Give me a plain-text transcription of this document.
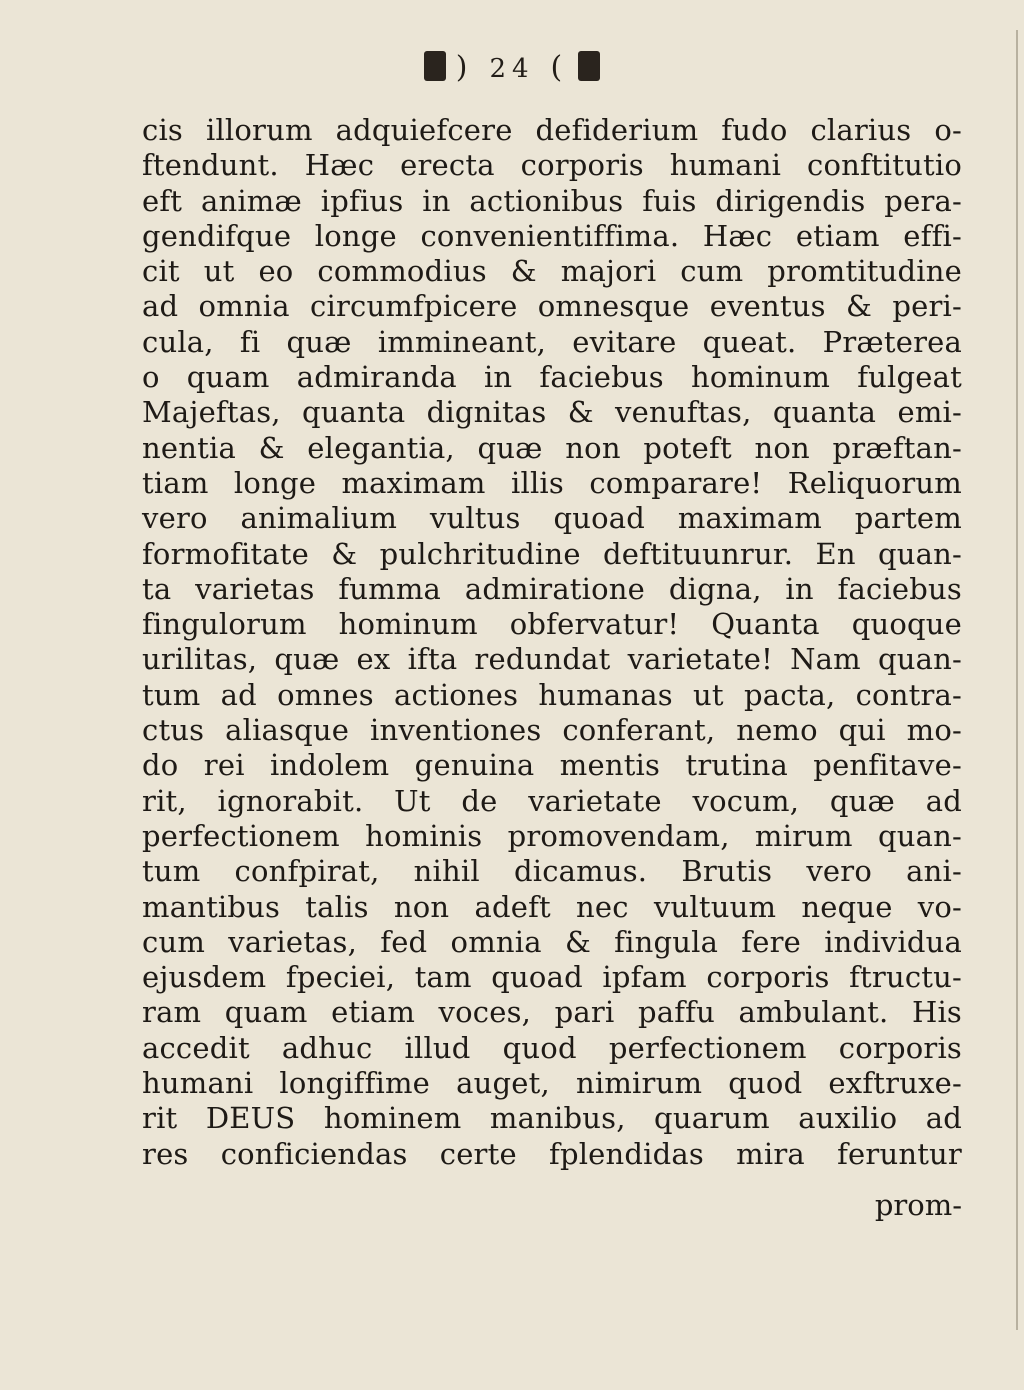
) 24 (
cis illorum adquiefcere defiderium fudo clarius o-
ftendunt. Hæc erecta corporis humani conftitutio
eft animæ ipfius in actionibus fuis dirigendis pera-
gendifque longe convenientiffima. Hæc etiam effi-
cit ut eo commodius & majori cum promtitudine
ad omnia circumfpicere omnesque eventus & peri-
cula, fi quæ immineant, evitare queat. Præterea
o quam admiranda in faciebus hominum fulgeat
Majeftas, quanta dignitas & venuftas, quanta emi-
nentia & elegantia, quæ non poteft non præftan-
tiam longe maximam illis comparare! Reliquorum
vero animalium vultus quoad maximam partem
formofitate & pulchritudine deftituunrur. En quan-
ta varietas fumma admiratione digna, in faciebus
fingulorum hominum obfervatur! Quanta quoque
urilitas, quæ ex ifta redundat varietate! Nam quan-
tum ad omnes actiones humanas ut pacta, contra-
ctus aliasque inventiones conferant, nemo qui mo-
do rei indolem genuina mentis trutina penfitave-
rit, ignorabit. Ut de varietate vocum, quæ ad
perfectionem hominis promovendam, mirum quan-
tum confpirat, nihil dicamus. Brutis vero ani-
mantibus talis non adeft nec vultuum neque vo-
cum varietas, fed omnia & fingula fere individua
ejusdem fpeciei, tam quoad ipfam corporis ftructu-
ram quam etiam voces, pari paffu ambulant. His
accedit adhuc illud quod perfectionem corporis
humani longiffime auget, nimirum quod exftruxe-
rit DEUS hominem manibus, quarum auxilio ad
res conficiendas certe fplendidas mira feruntur
prom-
